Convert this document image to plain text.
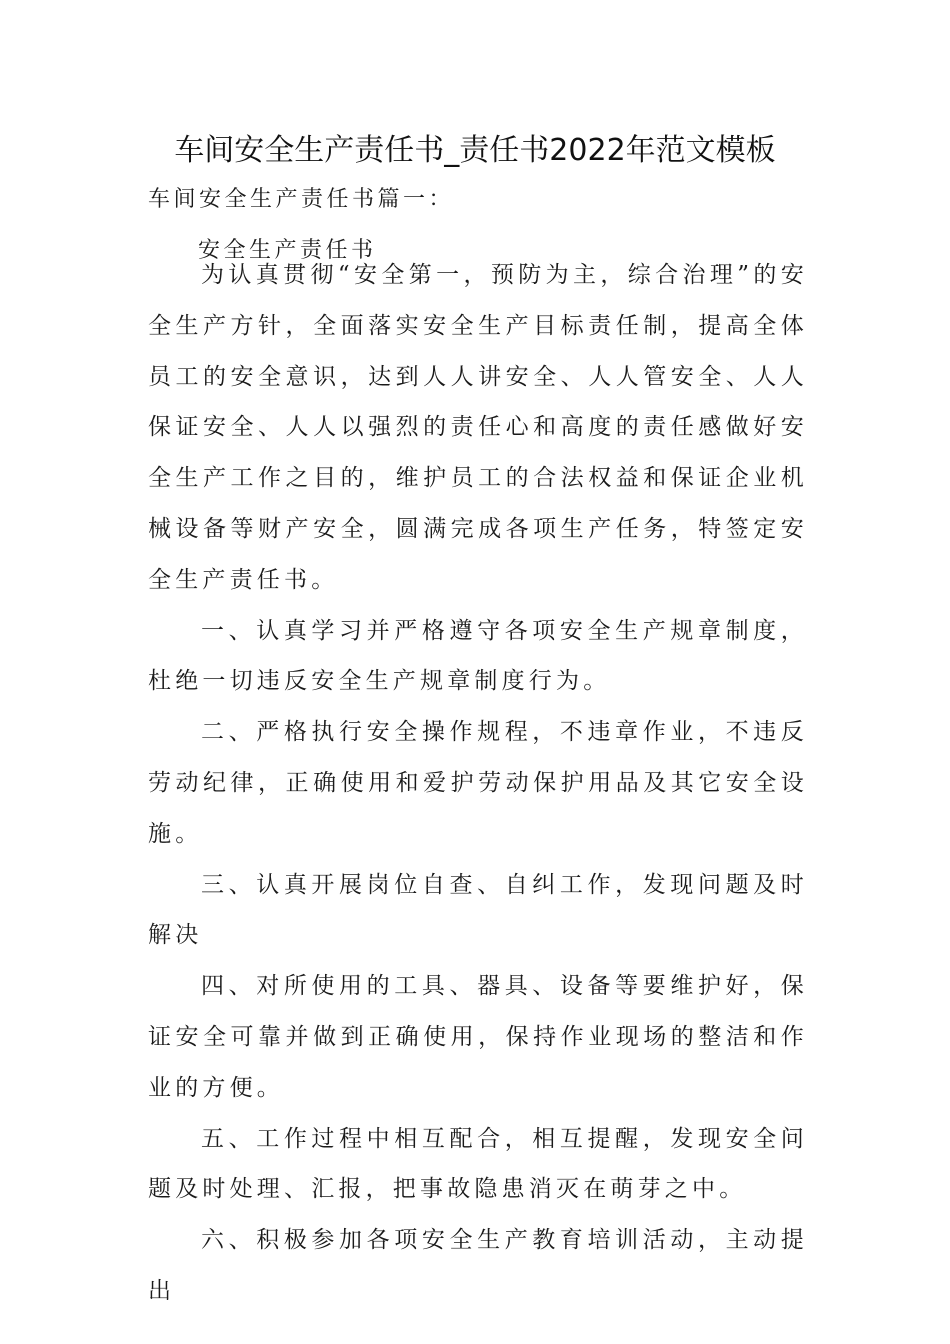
车间安全生产责任书_责任书2022年范文模板
车间安全生产责任书篇一：
安全生产责任书

为认真贯彻“安全第一，预防为主，综合治理”的安全生产方针，全面落实安全生产目标责任制，提高全体员工的安全意识，达到人人讲安全、人人管安全、人人保证安全、人人以强烈的责任心和高度的责任感做好安全生产工作之目的，维护员工的合法权益和保证企业机械设备等财产安全，圆满完成各项生产任务，特签定安全生产责任书。

一、认真学习并严格遵守各项安全生产规章制度，杜绝一切违反安全生产规章制度行为。

二、严格执行安全操作规程，不违章作业，不违反劳动纪律，正确使用和爱护劳动保护用品及其它安全设施。

三、认真开展岗位自查、自纠工作，发现问题及时解决

四、对所使用的工具、器具、设备等要维护好，保证安全可靠并做到正确使用，保持作业现场的整洁和作业的方便。

五、工作过程中相互配合，相互提醒，发现安全问题及时处理、汇报，把事故隐患消灭在萌芽之中。

六、积极参加各项安全生产教育培训活动，主动提出
